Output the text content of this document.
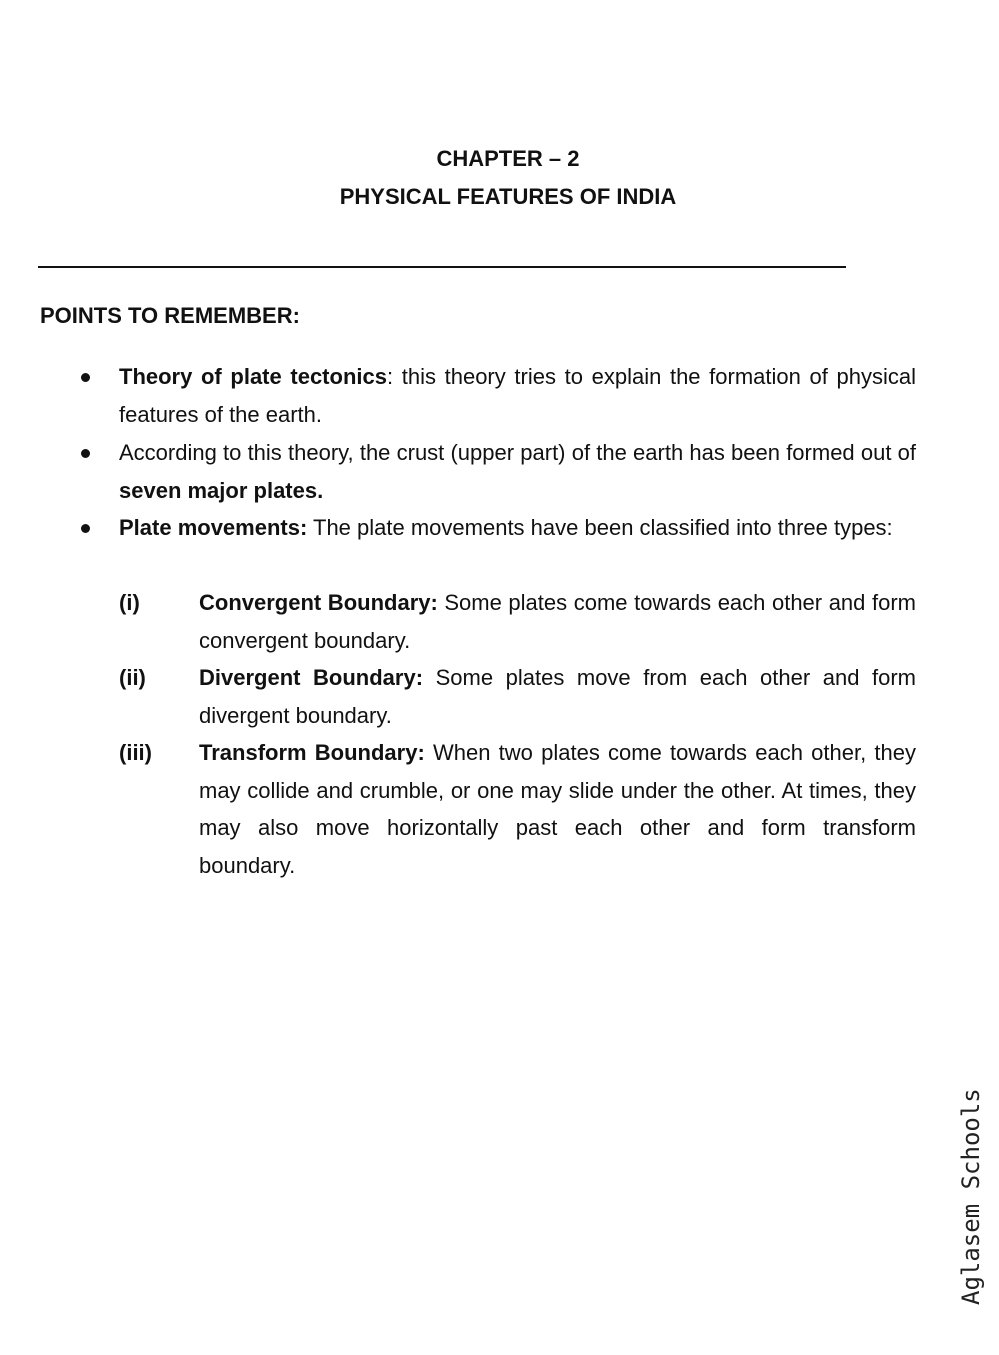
CHAPTER – 2
PHYSICAL FEATURES OF INDIA
POINTS TO REMEMBER:
Theory of plate tectonics: this theory tries to explain the formation of physical features of the earth.
According to this theory, the crust (upper part) of the earth has been formed out of seven major plates.
Plate movements: The plate movements have been classified into three types:
(i)	Convergent Boundary: Some plates come towards each other and form convergent boundary.
(ii) Divergent Boundary: Some plates move from each other and form divergent boundary.
(iii) Transform Boundary: When two plates come towards each other, they may collide and crumble, or one may slide under the other. At times, they may also move horizontally past each other and form transform boundary.
Aglasem Schools
